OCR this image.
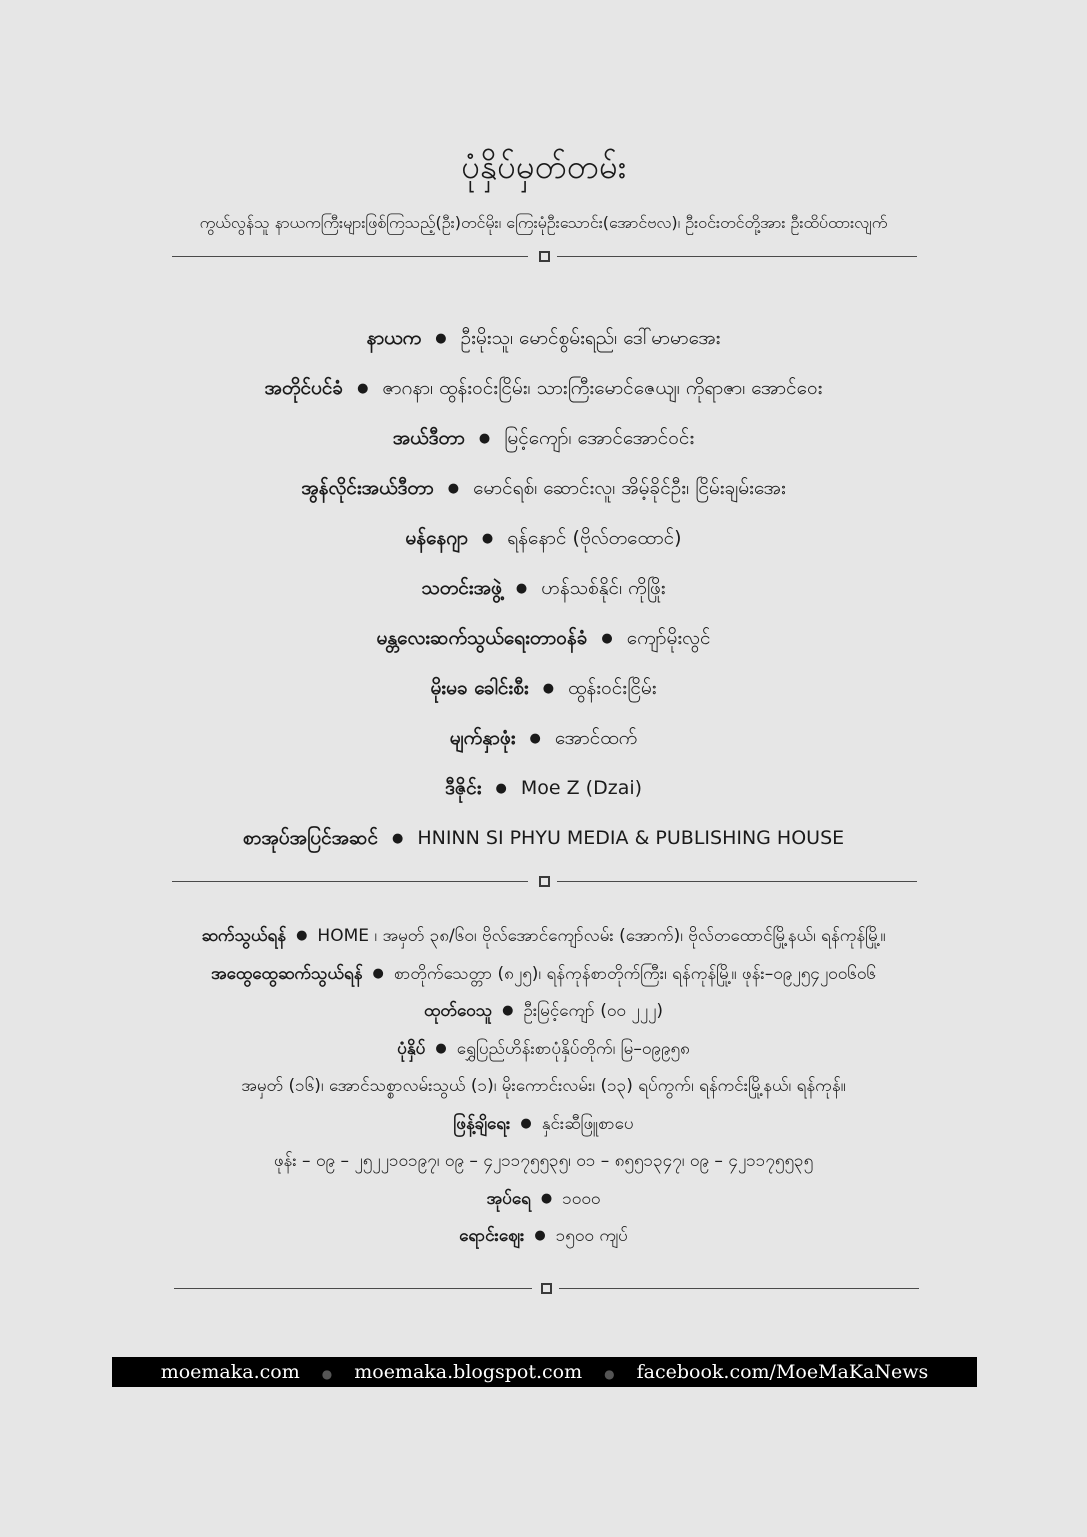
ပုံနှိပ်မှတ်တမ်း
ကွယ်လွန်သူ နာယကကြီးများဖြစ်ကြသည့်(ဦး)တင်မိုး၊ ကြေးမုံဦးသောင်း(အောင်ဗလ)၊ ဦးဝင်းတင်တို့အား ဦးထိပ်ထားလျက်
နာယက ● ဦးမိုးသူ၊ မောင်စွမ်းရည်၊ ဒေါ်မာမာအေး
အတိုင်ပင်ခံ ● ဇာဂနာ၊ ထွန်းဝင်းငြိမ်း၊ သားကြီးမောင်ဇေယျ၊ ကိုရာဇာ၊ အောင်ဝေး
အယ်ဒီတာ ● မြင့်ကျော်၊ အောင်အောင်ဝင်း
အွန်လိုင်းအယ်ဒီတာ ● မောင်ရစ်၊ ဆောင်းလူ၊ အိမ့်ခိုင်ဦး၊ ငြိမ်းချမ်းအေး
မန်နေဂျာ ● ရန်နောင် (ဗိုလ်တထောင်)
သတင်းအဖွဲ့ ● ဟန်သစ်နိုင်၊ ကိုဖြိုး
မန္တလေးဆက်သွယ်ရေးတာဝန်ခံ ● ကျော်မိုးလွင်
မိုးမခ ခေါင်းစီး ● ထွန်းဝင်းငြိမ်း
မျက်နှာဖုံး ● အောင်ထက်
ဒီဇိုင်း ● Moe Z (Dzai)
စာအုပ်အပြင်အဆင် ● HNINN SI PHYU MEDIA & PUBLISHING HOUSE
ဆက်သွယ်ရန် ● HOME ၊ အမှတ် ၃၈/၆၀၊ ဗိုလ်အောင်ကျော်လမ်း (အောက်)၊ ဗိုလ်တထောင်မြို့နယ်၊ ရန်ကုန်မြို့။
အထွေထွေဆက်သွယ်ရန် ● စာတိုက်သေတ္တာ (၈၂၅)၊ ရန်ကုန်စာတိုက်ကြီး၊ ရန်ကုန်မြို့။ ဖုန်း–၀၉၂၅၄၂၀၀၆၀၆
ထုတ်ဝေသူ ● ဦးမြင့်ကျော် (၀၀ ၂၂၂)
ပုံနှိပ် ● ရွှေပြည်ဟိန်းစာပုံနှိပ်တိုက်၊ မြ–၀၉၉၅၈
အမှတ် (၁၆)၊ အောင်သစ္စာလမ်းသွယ် (၁)၊ မိုးကောင်းလမ်း၊ (၁၃) ရပ်ကွက်၊ ရန်ကင်းမြို့နယ်၊ ရန်ကုန်။
ဖြန့်ချိရေး ● နှင်းဆီဖြူစာပေ
ဖုန်း – ၀၉ – ၂၅၂၂၁၀၁၉၇၊ ၀၉ – ၄၂၁၁၇၅၅၃၅၊ ၀၁ – ၈၅၅၁၃၄၇၊ ၀၉ – ၄၂၁၁၇၅၅၃၅
အုပ်ရေ ● ၁၀၀၀
ရောင်းဈေး ● ၁၅၀၀ ကျပ်
moemaka.com ● moemaka.blogspot.com ● facebook.com/MoeMaKaNews
